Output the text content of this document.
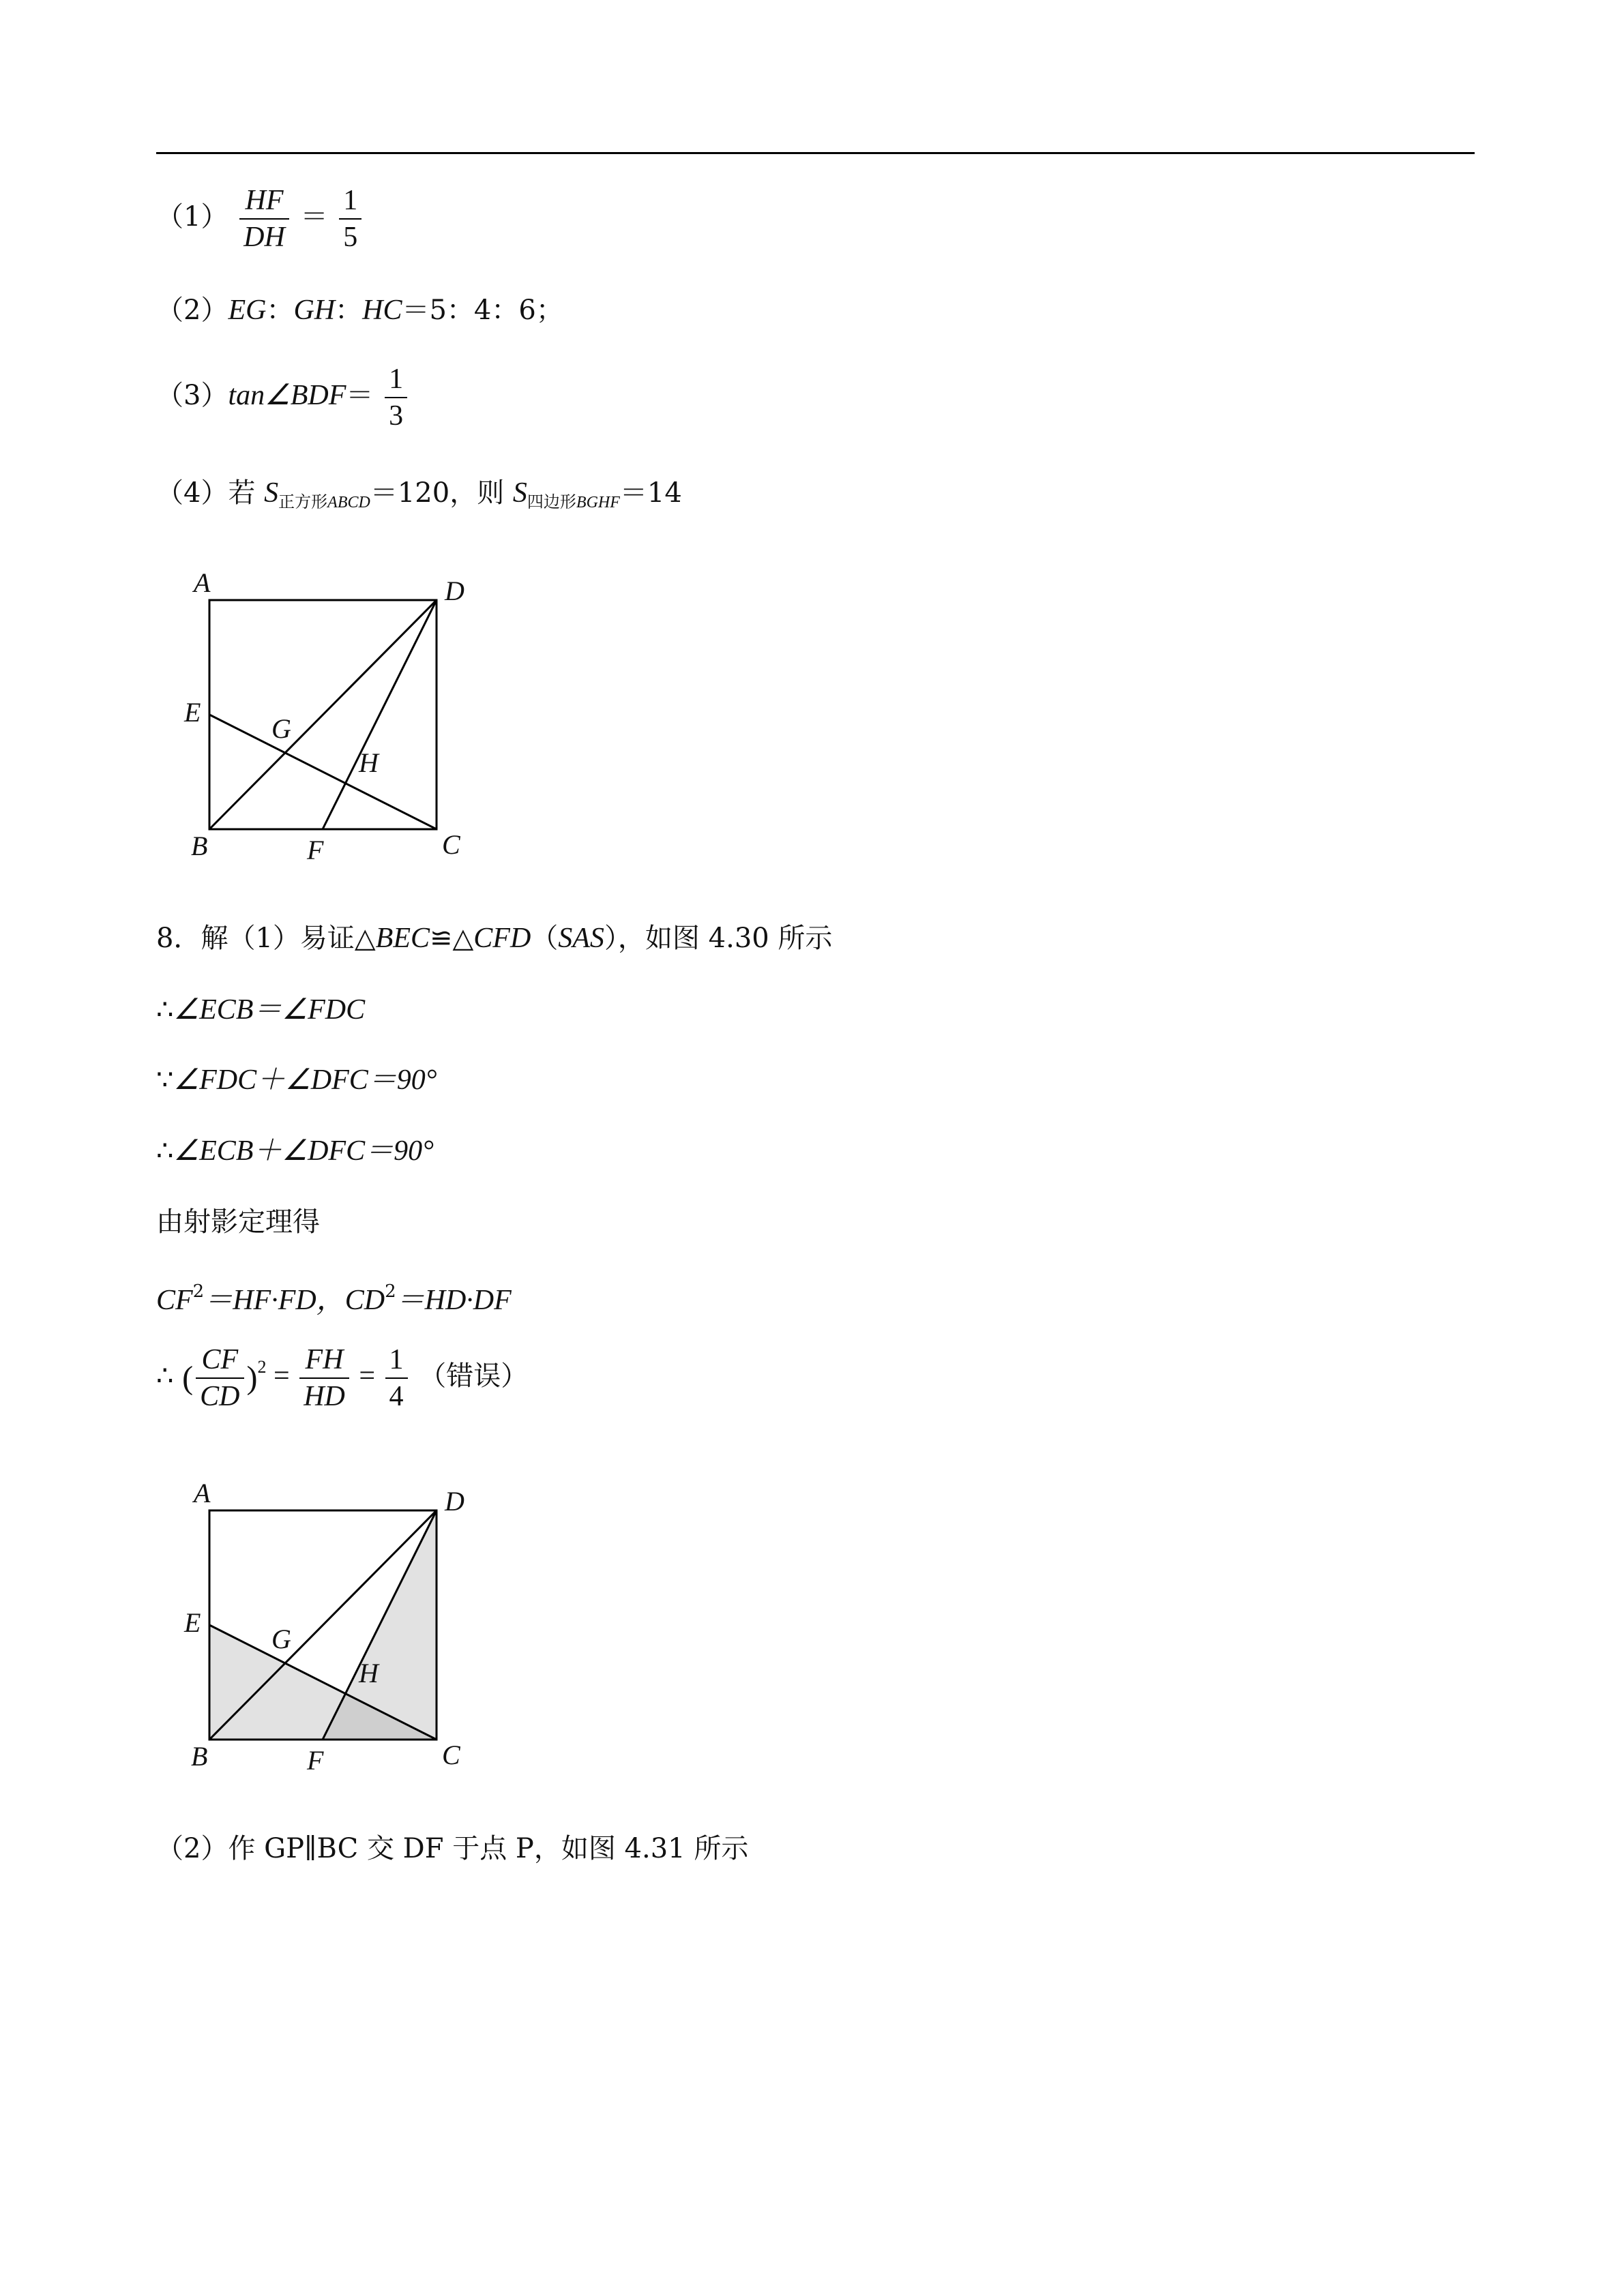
$(1) \frac{HF}{DH} = \frac{1}{5}$
（2）EG：GH：HC＝5：4：6；
（3）tan∠BDF＝ $\frac{1}{3}$
（4）若 $S_{正方形ABCD}=120$，则 $S_{四边形BGHF}=14$
A	D
E
G
H
B	F	C
8．解（1）易证△BEC≌△CFD（SAS），如图 4.30 所示
∴∠ECB＝∠FDC
∵∠FDC＋∠DFC＝90°
∴∠ECB＋∠DFC＝90°
由射影定理得
$CF^2=HF\cdot FD$，$CD^2=HD\cdot DF$
∴ ( $\frac{CF}{CD} )^2 = \frac{FH}{HD} = \frac{1}{4}$ （错误）
A	D
E
G
H
B	F	C
（2）作 GP∥BC 交 DF 于点 P，如图 4.31 所示
